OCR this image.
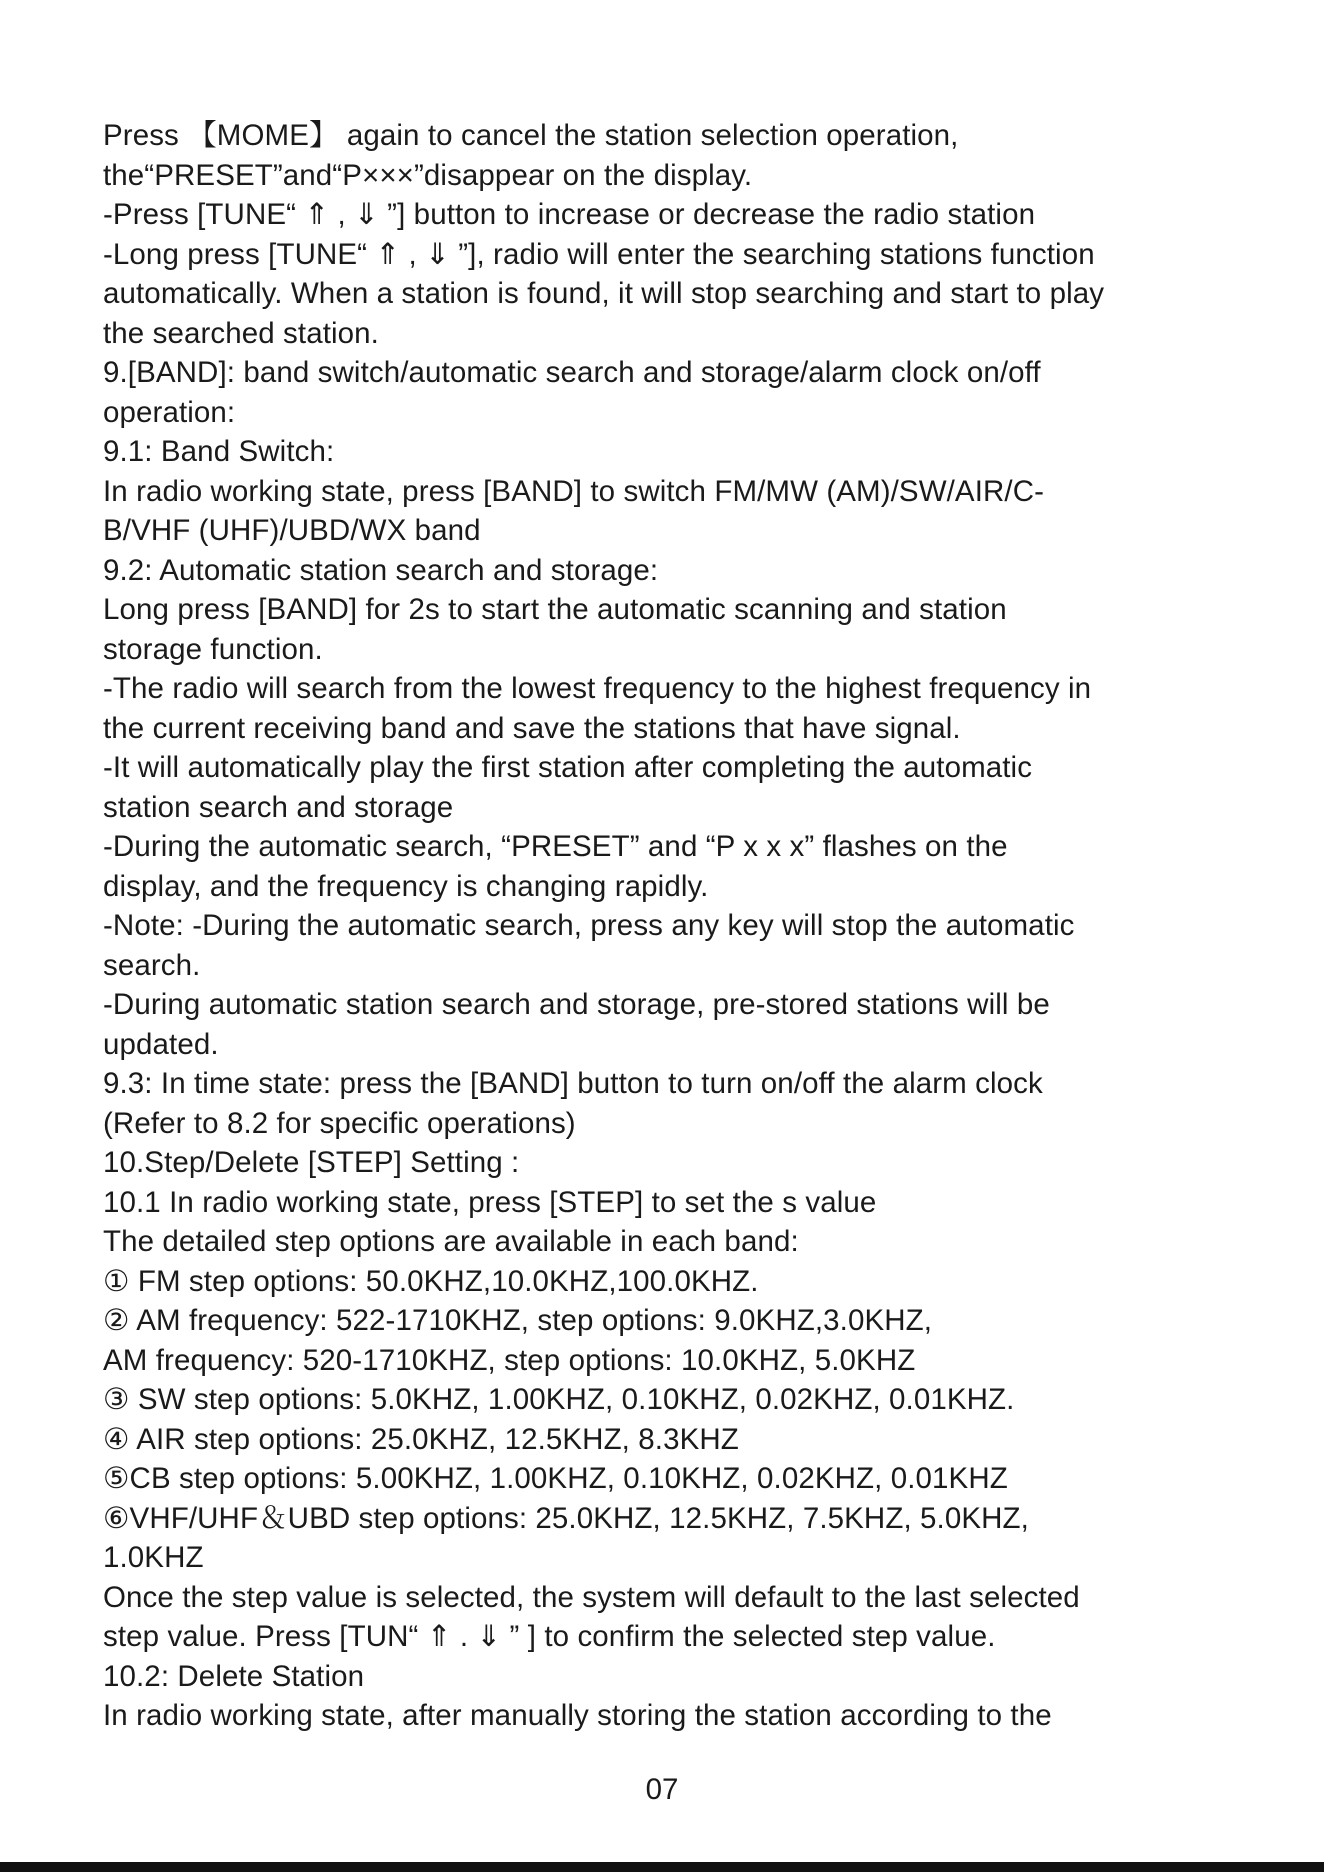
Press 【MOME】 again to cancel the station selection operation,
the“PRESET”and“P×××”disappear on the display.
-Press [TUNE“ ⇑ , ⇓ ”] button to increase or decrease the radio station
-Long press [TUNE“ ⇑ , ⇓ ”], radio will enter the searching stations function
automatically. When a station is found, it will stop searching and start to play
the searched station.
9.[BAND]: band switch/automatic search and storage/alarm clock on/off
operation:
9.1: Band Switch:
In radio working state, press [BAND] to switch FM/MW (AM)/SW/AIR/C-
B/VHF (UHF)/UBD/WX band
9.2: Automatic station search and storage:
Long press [BAND] for 2s to start the automatic scanning and station
storage function.
-The radio will search from the lowest frequency to the highest frequency in
the current receiving band and save the stations that have signal.
-It will automatically play the first station after completing the automatic
station search and storage
-During the automatic search, “PRESET” and “P x x x” flashes on the
display, and the frequency is changing rapidly.
-Note: -During the automatic search, press any key will stop the automatic
search.
-During automatic station search and storage, pre-stored stations will be
updated.
9.3: In time state: press the [BAND] button to turn on/off the alarm clock
(Refer to 8.2 for specific operations)
10.Step/Delete [STEP] Setting :
10.1 In radio working state, press [STEP] to set the s value
The detailed step options are available in each band:
① FM step options: 50.0KHZ,10.0KHZ,100.0KHZ.
② AM frequency: 522-1710KHZ, step options: 9.0KHZ,3.0KHZ,
AM frequency: 520-1710KHZ, step options: 10.0KHZ, 5.0KHZ
③ SW step options: 5.0KHZ, 1.00KHZ, 0.10KHZ, 0.02KHZ, 0.01KHZ.
④ AIR step options: 25.0KHZ, 12.5KHZ, 8.3KHZ
⑤CB step options: 5.00KHZ, 1.00KHZ, 0.10KHZ, 0.02KHZ, 0.01KHZ
⑥VHF/UHF＆UBD step options: 25.0KHZ, 12.5KHZ, 7.5KHZ, 5.0KHZ,
1.0KHZ
Once the step value is selected, the system will default to the last selected
step value. Press [TUN“ ⇑ . ⇓ ” ] to confirm the selected step value.
10.2: Delete Station
In radio working state, after manually storing the station according to the
07
